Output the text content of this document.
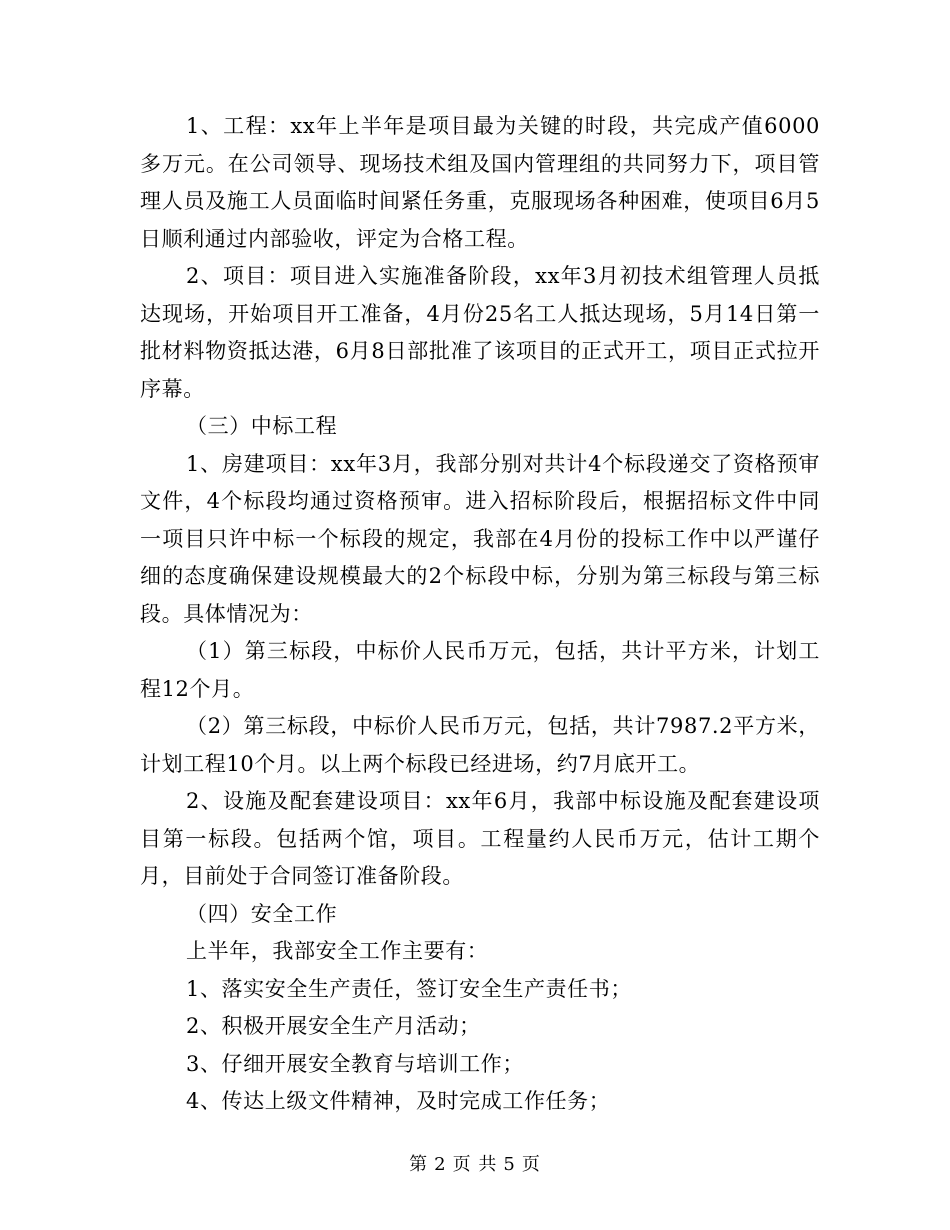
1、工程：xx年上半年是项目最为关键的时段，共完成产值6000多万元。在公司领导、现场技术组及国内管理组的共同努力下，项目管理人员及施工人员面临时间紧任务重，克服现场各种困难，使项目6月5日顺利通过内部验收，评定为合格工程。

2、项目：项目进入实施准备阶段，xx年3月初技术组管理人员抵达现场，开始项目开工准备，4月份25名工人抵达现场，5月14日第一批材料物资抵达港，6月8日部批准了该项目的正式开工，项目正式拉开序幕。

（三）中标工程

1、房建项目：xx年3月，我部分别对共计4个标段递交了资格预审文件，4个标段均通过资格预审。进入招标阶段后，根据招标文件中同一项目只许中标一个标段的规定，我部在4月份的投标工作中以严谨仔细的态度确保建设规模最大的2个标段中标，分别为第三标段与第三标段。具体情况为：

（1）第三标段，中标价人民币万元，包括，共计平方米，计划工程12个月。

（2）第三标段，中标价人民币万元，包括，共计7987.2平方米，计划工程10个月。以上两个标段已经进场，约7月底开工。

2、设施及配套建设项目：xx年6月，我部中标设施及配套建设项目第一标段。包括两个馆，项目。工程量约人民币万元，估计工期个月，目前处于合同签订准备阶段。

（四）安全工作

上半年，我部安全工作主要有：

1、落实安全生产责任，签订安全生产责任书；

2、积极开展安全生产月活动；

3、仔细开展安全教育与培训工作；

4、传达上级文件精神，及时完成工作任务；

第 2 页 共 5 页
